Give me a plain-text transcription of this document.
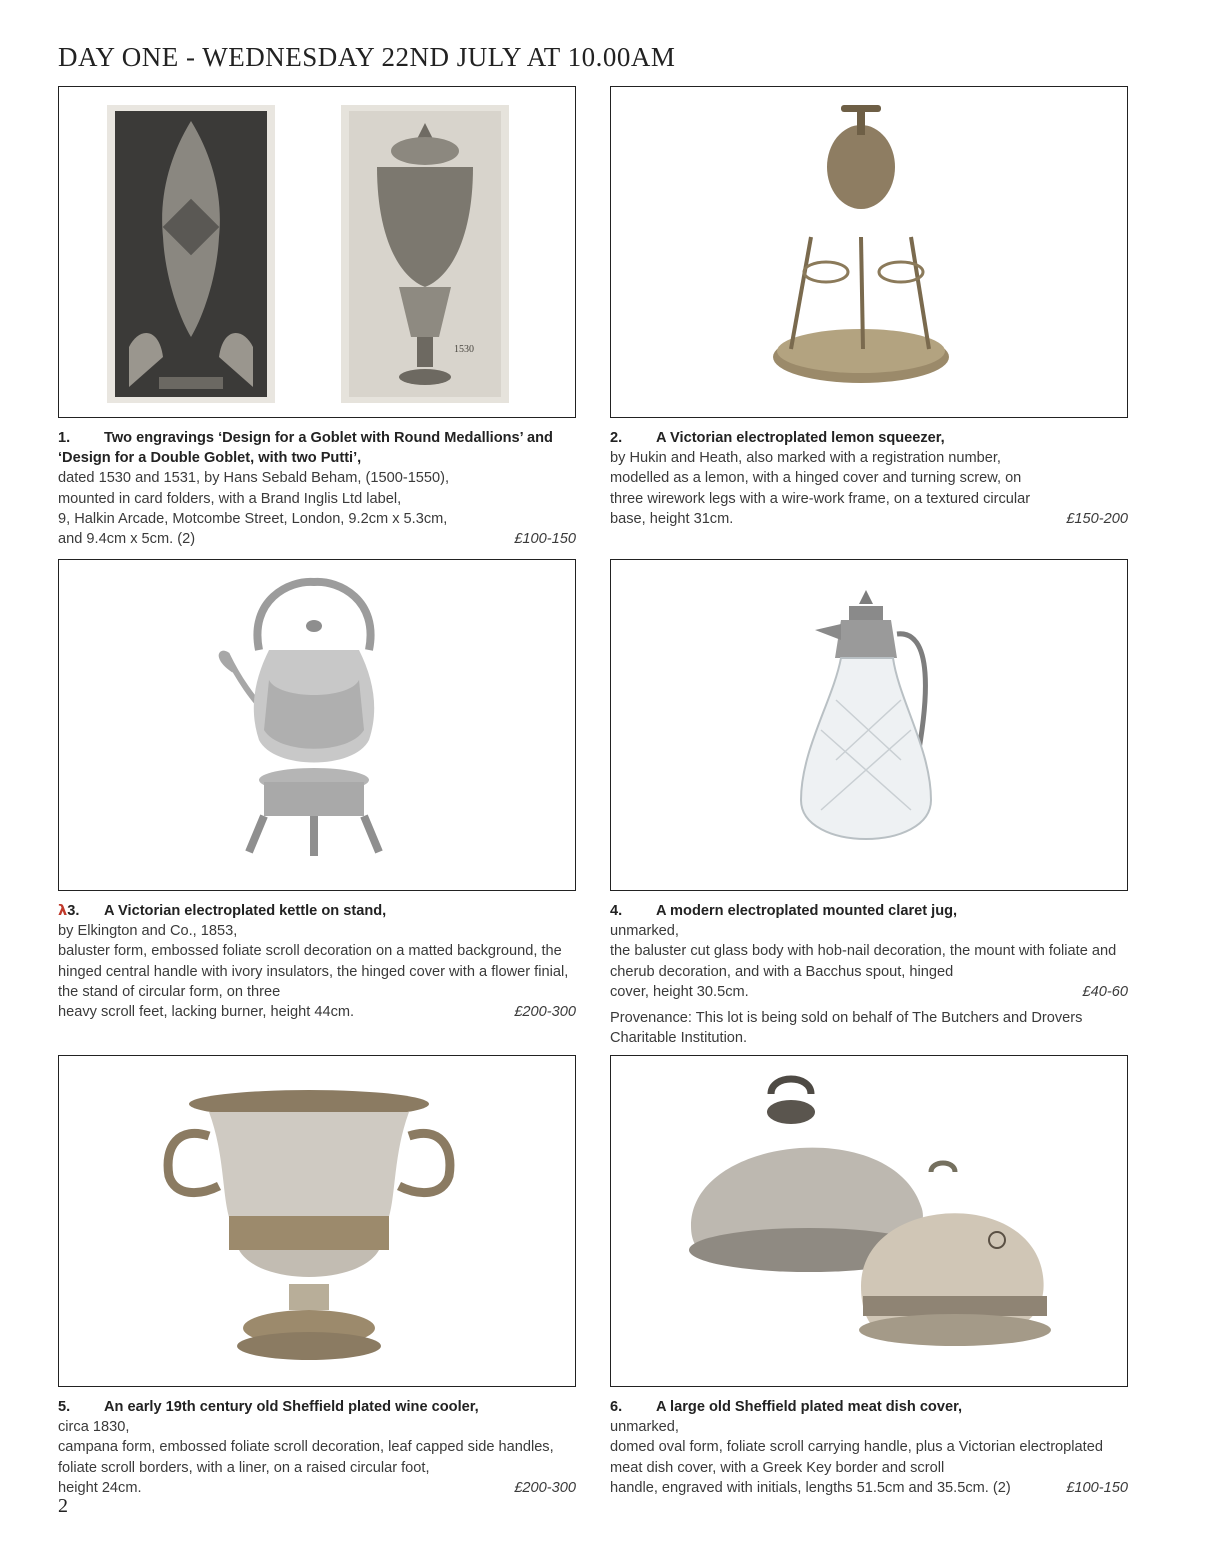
DAY ONE - WEDNESDAY 22ND JULY AT 10.00AM
1530
1. Two engravings ‘Design for a Goblet with Round Medallions’ and ‘Design for a Double Goblet, with two Putti’,
dated 1530 and 1531, by Hans Sebald Beham, (1500-1550),
mounted in card folders, with a Brand Inglis Ltd label,
9, Halkin Arcade, Motcombe Street, London, 9.2cm x 5.3cm,
and 9.4cm x 5cm. (2)	£100-150
2. A Victorian electroplated lemon squeezer,
by Hukin and Heath, also marked with a registration number,
modelled as a lemon, with a hinged cover and turning screw, on
three wirework legs with a wire-work frame, on a textured circular
base, height 31cm.	£150-200
λ3. A Victorian electroplated kettle on stand,
by Elkington and Co., 1853,
baluster form, embossed foliate scroll decoration on a matted background, the hinged central handle with ivory insulators, the hinged cover with a flower finial, the stand of circular form, on three
heavy scroll feet, lacking burner, height 44cm.	£200-300
4. A modern electroplated mounted claret jug,
unmarked,
the baluster cut glass body with hob-nail decoration, the mount with foliate and cherub decoration, and with a Bacchus spout, hinged
cover, height 30.5cm.	£40-60
Provenance: This lot is being sold on behalf of The Butchers and Drovers Charitable Institution.
5. An early 19th century old Sheffield plated wine cooler,
circa 1830,
campana form, embossed foliate scroll decoration, leaf capped side handles, foliate scroll borders, with a liner, on a raised circular foot,
height 24cm.	£200-300
6. A large old Sheffield plated meat dish cover,
unmarked,
domed oval form, foliate scroll carrying handle, plus a Victorian electroplated meat dish cover, with a Greek Key border and scroll
handle, engraved with initials, lengths 51.5cm and 35.5cm. (2)	£100-150
2
